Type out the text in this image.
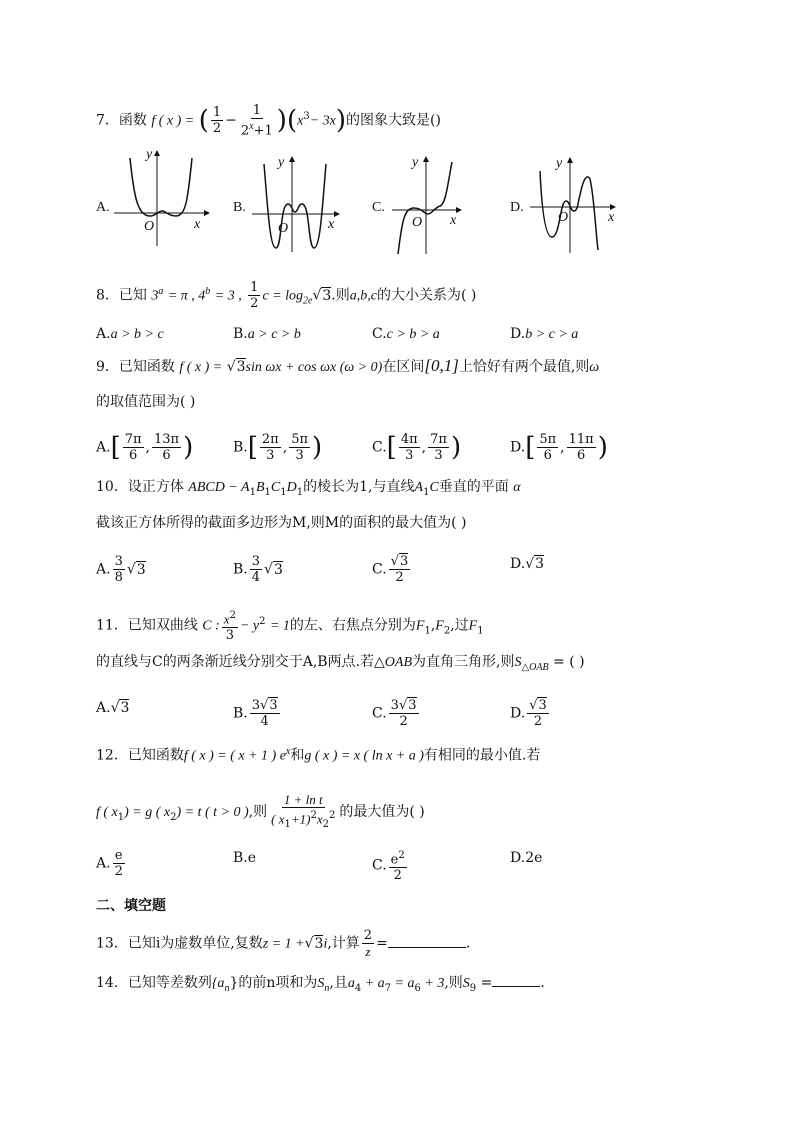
7．函数 f ( x ) = ( $\frac{1}{2} - \frac{1}{2^x+1} )(x^3- 3x)$的图象大致是()
A.
y
x
O
B.
y
x
O
C.
y
x
O
D.
y
x
O
8．已知 $3^a = \pi$ , $4^b = 3$ , $\frac{1}{2}$ $c = \log_{2e}√3$.则a,b,c的大小关系为( )
A.a > b > c	B.a > c > b	C.c > b > a	D.b > c > a
9．已知函数 f ( x ) = √3sin ωx + cos ωx (ω > 0)在区间[0,1]上恰好有两个最值,则ω
的取值范围为( )
$A.[ \frac{7\pi}{6}$ , $\frac{13\pi}{6}$ )	$B.[ \frac{2\pi}{3}$ , $\frac{5\pi}{3}$ )	$C.[ \frac{4\pi}{3}$ , $\frac{7\pi}{3}$ )	$D.[ \frac{5\pi}{6}$ , $\frac{11\pi}{6}$ )
10．设正方体 ABCD − $A_1B_1C_1D_1$的棱长为1,与直线$A_1C$垂直的平面 α
截该正方体所得的截面多边形为M,则M的面积的最大值为( )
A. $\frac{3}{8} √3$	B. $\frac{3}{4} √3$	C. $\frac{√3}{2}$	D.√3
11．已知双曲线 C : $\frac{x^2}{3} - y^2 = 1$的左、右焦点分别为$F_1,F_2$,过$F_1$
的直线与C的两条渐近线分别交于A,B两点.若△OAB为直角三角形,则$S_{\triangle OAB}$ = ( )
A.√3	B. $\frac{3√3}{4}$	C. $\frac{3√3}{2}$	D. $\frac{√3}{2}$
12．已知函数f ( x ) = ( x + 1 ) $e^x$和g ( x ) = x ( ln x + a )有相同的最小值.若
f ( $x_1) = g$ ( $x_2) = t$ ( t > 0 ),则 $\frac{\text{1 + ln t}}{( x_1+1)^2x_2^2}$ 的最大值为( )
A. $\frac{e}{2}$	B.e	C. $\frac{e^2}{2}$	D.2e
二、填空题
13．已知i为虚数单位,复数z = 1 +√3i,计算 $\frac{2}{z}$ =	.
14．已知等差数列$\{a_n\}$的前n项和为$S_n$,且$a_4 + a_7 = a_6 + 3$,则$S_9$ =	.
